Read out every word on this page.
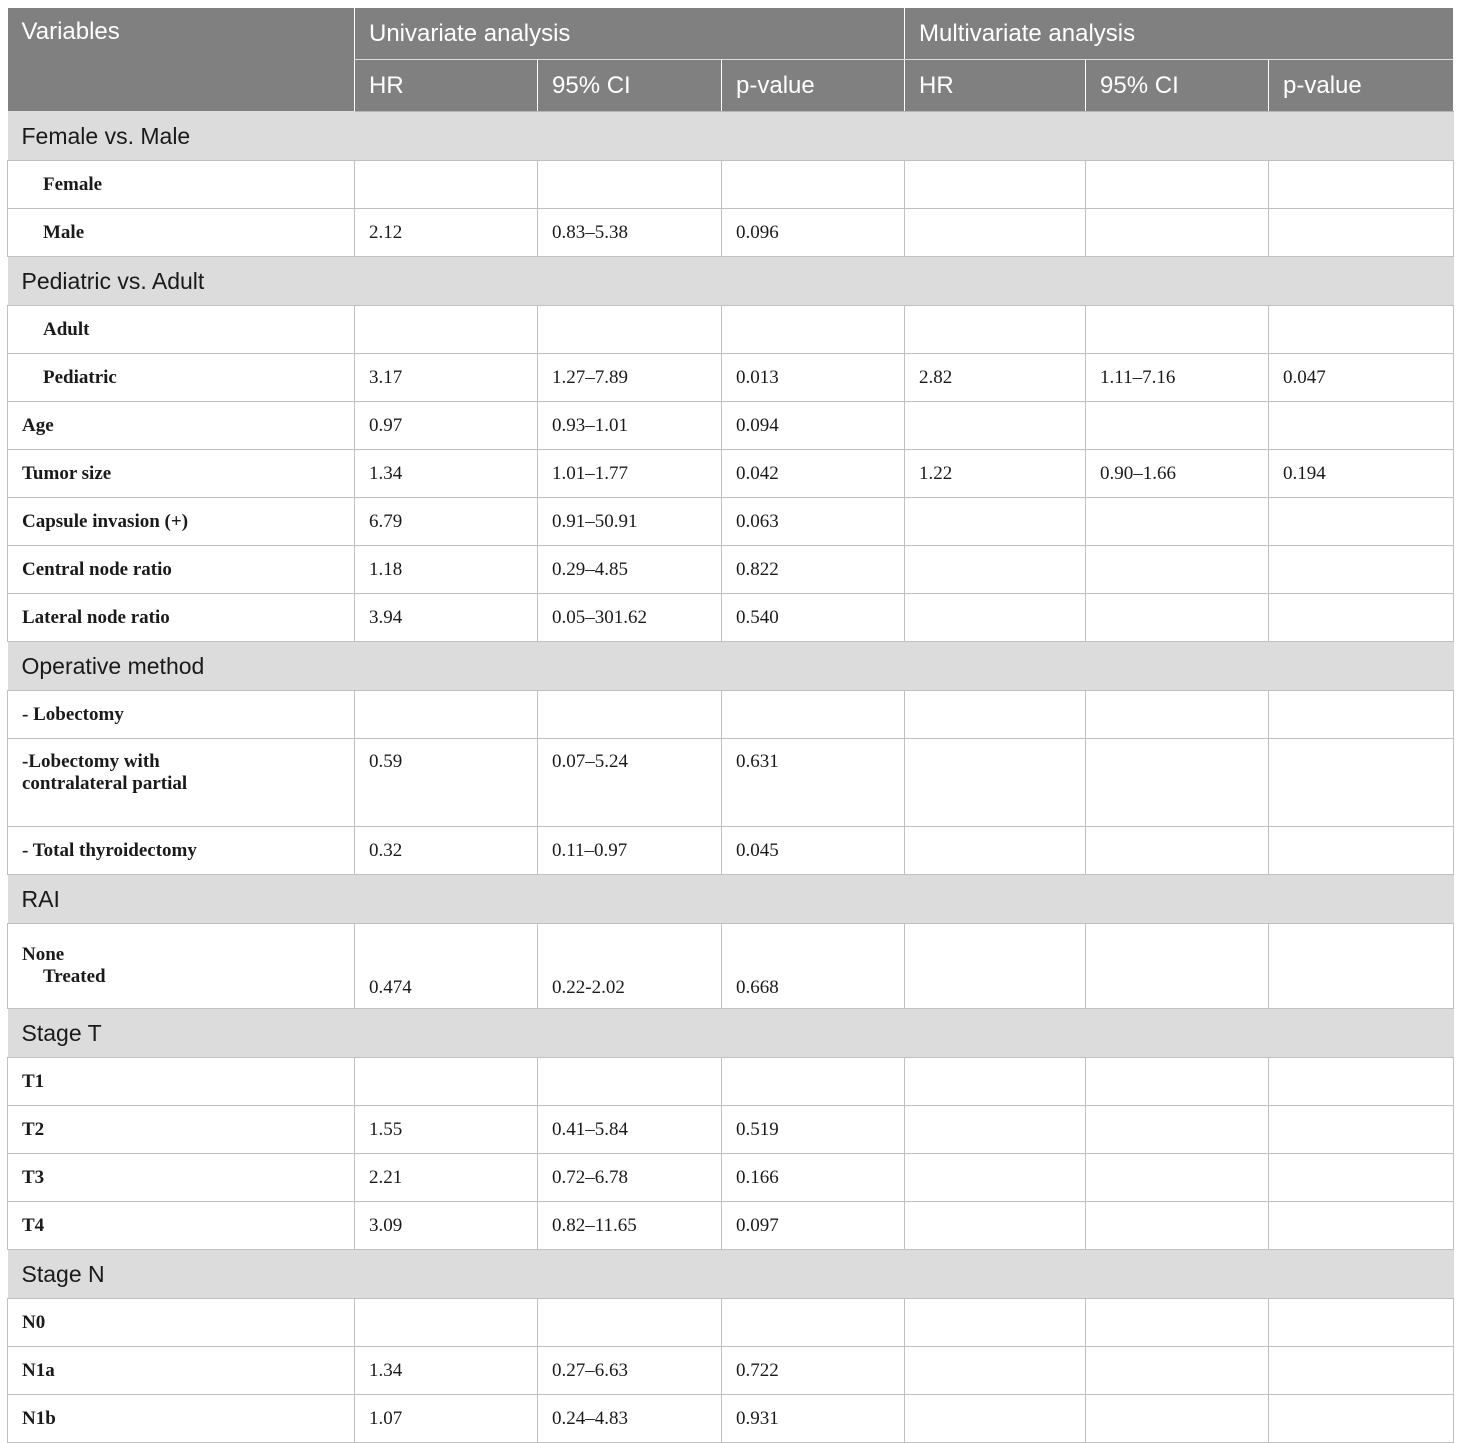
Variables	Univariate analysis			Multivariate analysis		
	HR	95% CI	p-value	HR	95% CI	p-value
Female vs. Male						
Female						
Male	2.12	0.83–5.38	0.096			
Pediatric vs. Adult						
Adult						
Pediatric	3.17	1.27–7.89	0.013	2.82	1.11–7.16	0.047
Age	0.97	0.93–1.01	0.094			
Tumor size	1.34	1.01–1.77	0.042	1.22	0.90–1.66	0.194
Capsule invasion (+)	6.79	0.91–50.91	0.063			
Central node ratio	1.18	0.29–4.85	0.822			
Lateral node ratio	3.94	0.05–301.62	0.540			
Operative method						
- Lobectomy						

-Lobectomy with
contralateral partial	0.59	0.07–5.24	0.631			
- Total thyroidectomy	0.32	0.11–0.97	0.045			
RAI						

None
Treated	0.474	0.22-2.02	0.668			
Stage T						
T1						
T2	1.55	0.41–5.84	0.519			
T3	2.21	0.72–6.78	0.166			
T4	3.09	0.82–11.65	0.097			
Stage N						
N0						
N1a	1.34	0.27–6.63	0.722			
N1b	1.07	0.24–4.83	0.931			
